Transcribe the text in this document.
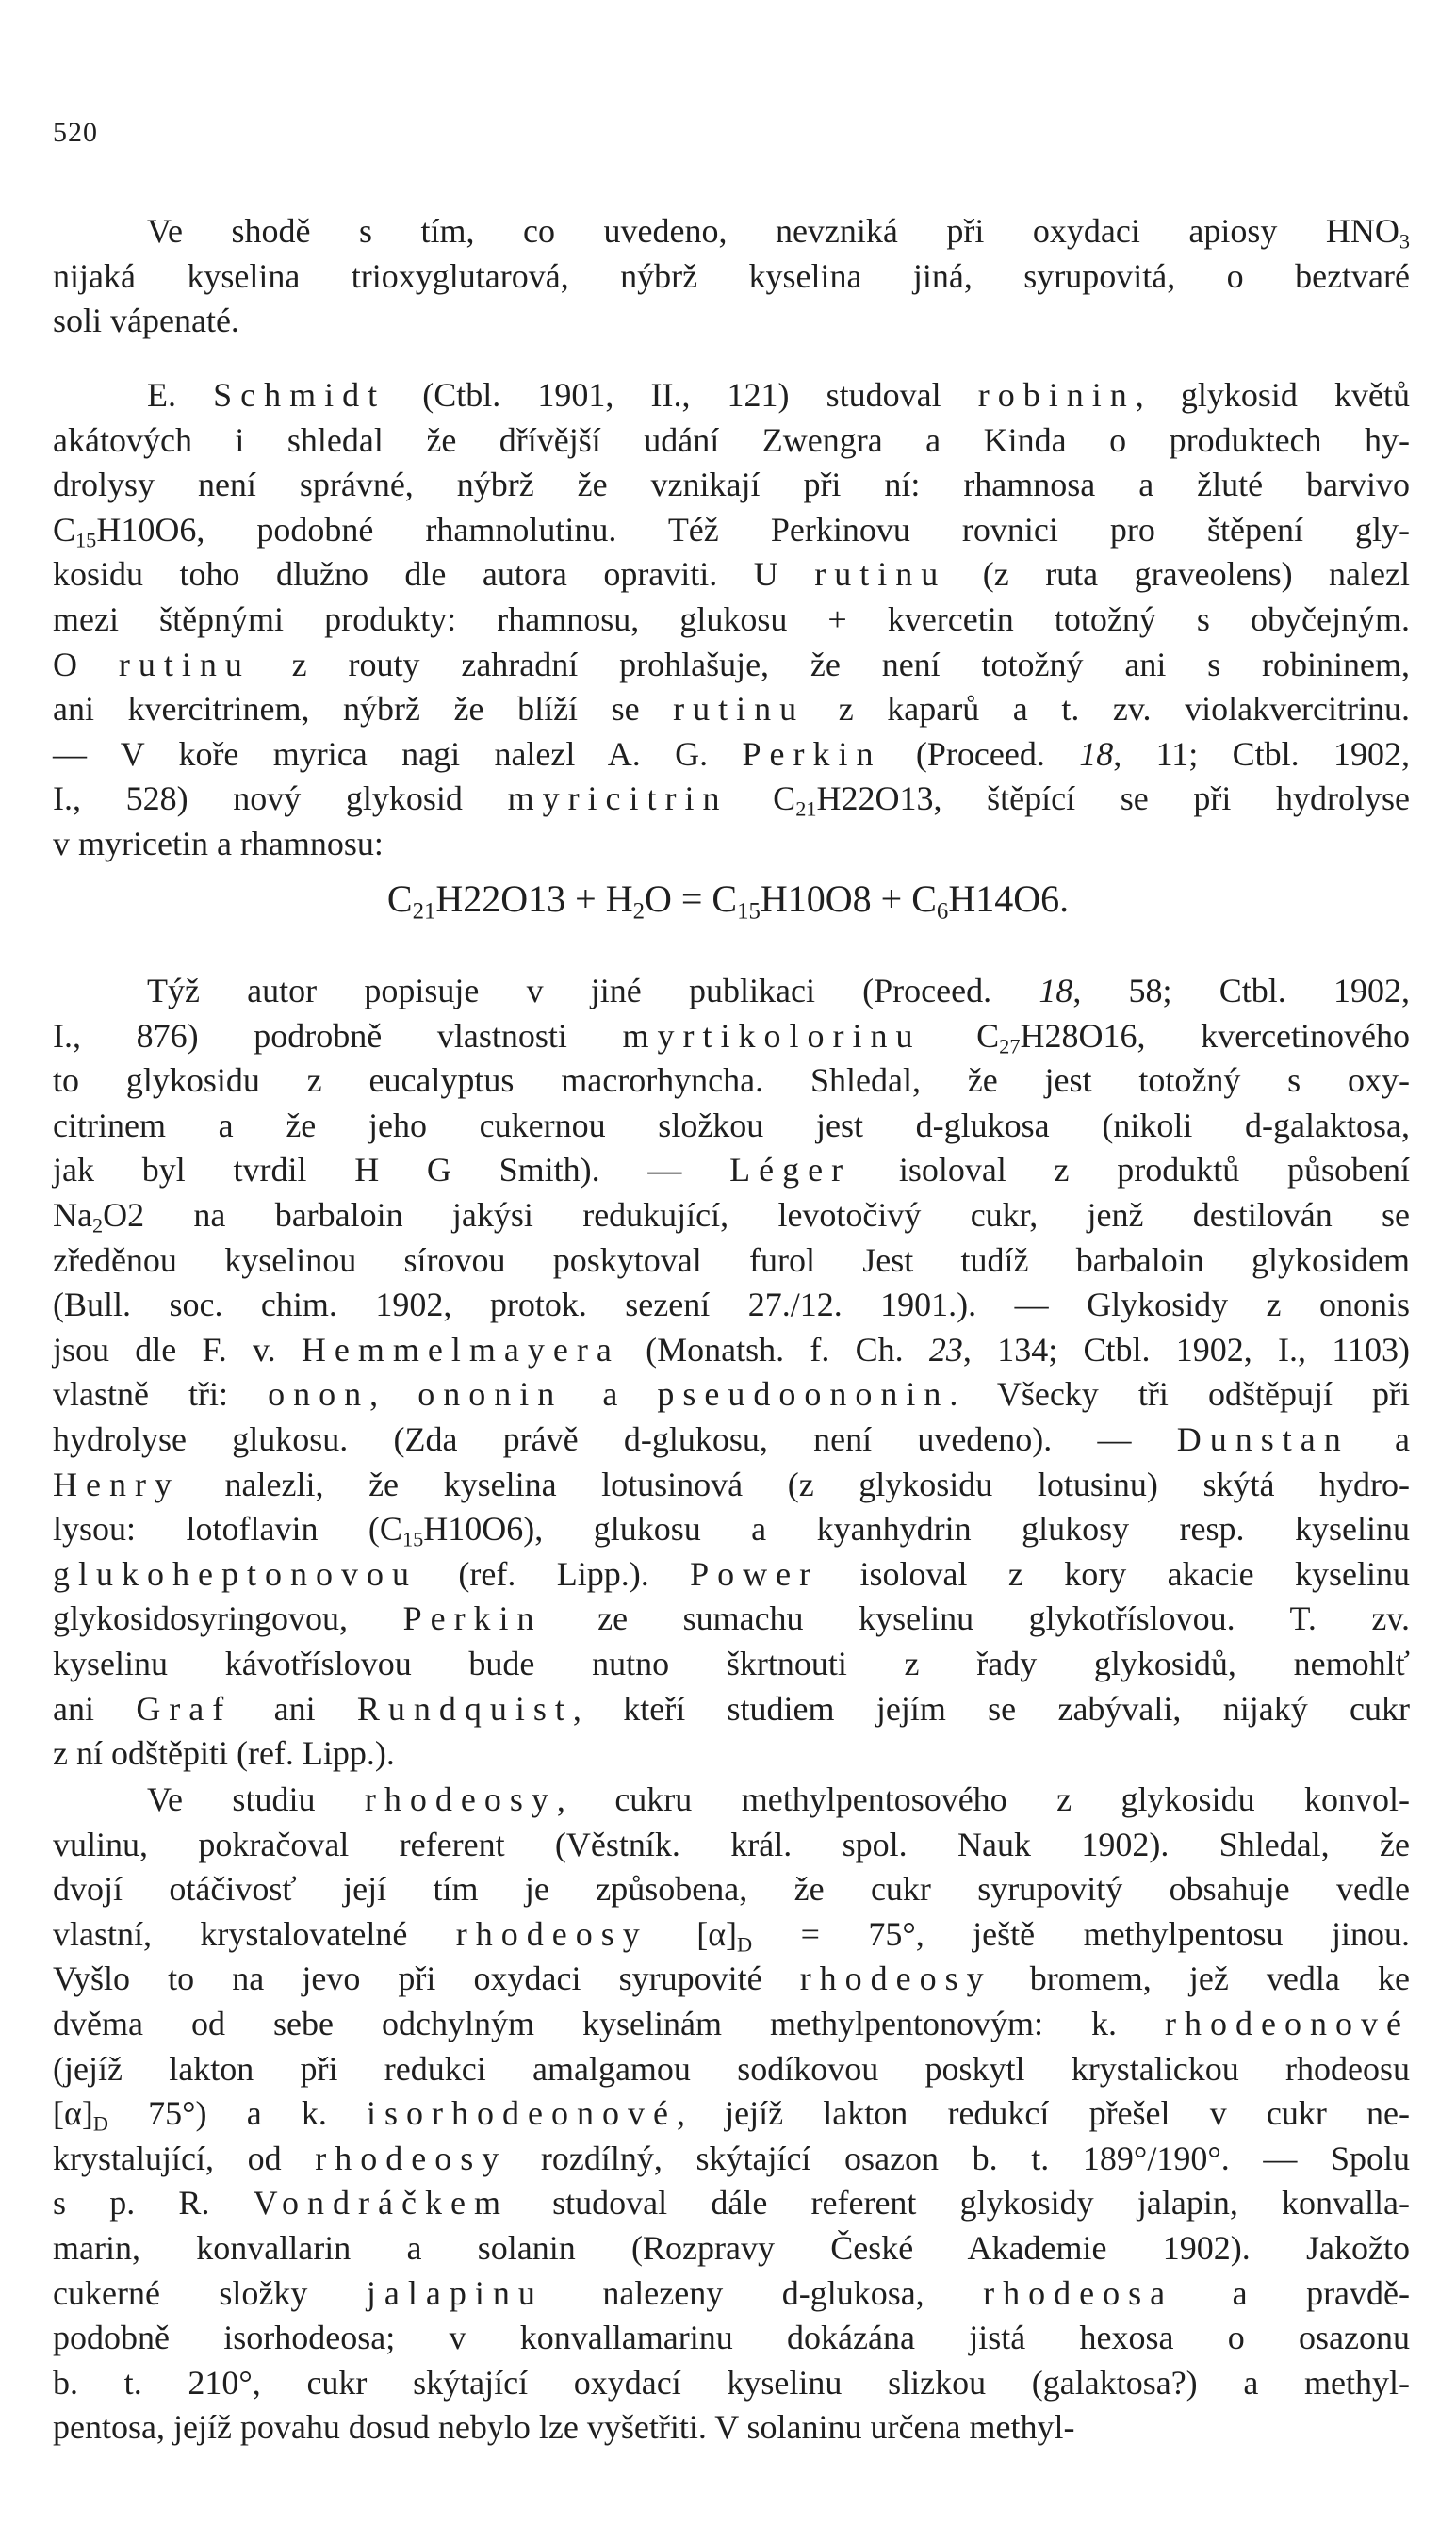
520
Ve shodě s tím, co uvedeno, nevzniká při oxydaci apiosy $HNO_3$
nijaká kyselina trioxyglutarová, nýbrž kyselina jiná, syrupovitá, o beztvaré
soli vápenaté.
E. Schmidt (Ctbl. 1901, II., 121) studoval robinin, glykosid květů
akátových i shledal že dřívější udání Zwengra a Kinda o produktech hy-
drolysy není správné, nýbrž že vznikají při ní: rhamnosa a žluté barvivo
$C_{15}H10O6$, podobné rhamnolutinu. Též Perkinovu rovnici pro štěpení gly-
kosidu toho dlužno dle autora opraviti. U rutinu (z ruta graveolens) nalezl
mezi štěpnými produkty: rhamnosu, glukosu + kvercetin totožný s obyčejným.
O rutinu z routy zahradní prohlašuje, že není totožný ani s robininem,
ani kvercitrinem, nýbrž že blíží se rutinu z kaparů a t. zv. violakvercitrinu.
— V kořе myrica nagi nalezl A. G. Perkin (Proceed. 18, 11; Ctbl. 1902,
I., 528) nový glykosid myricitrin $C_{21}H22O13$, štěpící se při hydrolyse
v myricetin a rhamnosu:
$C_{21}H22O13 + H_2O = C_{15}H10O8 + C_6H14O6$.
Týž autor popisuje v jiné publikaci (Proceed. 18, 58; Ctbl. 1902,
I., 876) podrobně vlastnosti myrtikolorinu $C_{27}H28O16$, kvercetinového
to glykosidu z eucalyptus macrorhyncha. Shledal, že jest totožný s oxy-
citrinem a že jeho cukernou složkou jest d-glukosa (nikoli d-galaktosa,
jak byl tvrdil H G Smith). — Léger isoloval z produktů působení
$Na_2O2$ na barbaloin jakýsi redukující, levotočivý cukr, jenž destilován se
zředěnou kyselinou sírovou poskytoval furol Jest tudíž barbaloin glykosidem
(Bull. soc. chim. 1902, protok. sezení 27./12. 1901.). — Glykosidy z ononis
jsou dle F. v. Hemmelmayera (Monatsh. f. Ch. 23, 134; Ctbl. 1902, I., 1103)
vlastně tři: onon, ononin a pseudoononin. Všecky tři odštěpují při
hydrolyse glukosu. (Zda právě d-glukosu, není uvedeno). — Dunstan a
Henry nalezli, že kyselina lotusinová (z glykosidu lotusinu) skýtá hydro-
lysou: lotoflavin $(C_{15}H10O6)$, glukosu a kyanhydrin glukosy resp. kyselinu
glukoheptonovou (ref. Lipp.). Power isoloval z kory akacie kyselinu
glykosidosyringovou, Perkin ze sumachu kyselinu glykotříslovou. T. zv.
kyselinu kávotříslovou bude nutno škrtnouti z řady glykosidů, nemohlť
ani Graf ani Rundquist, kteří studiem jejím se zabývali, nijaký cukr
z ní odštěpiti (ref. Lipp.).
Ve studiu rhodeosy, cukru methylpentosového z glykosidu konvol-
vulinu, pokračoval referent (Věstník. král. spol. Nauk 1902). Shledal, že
dvojí otáčivosť její tím je způsobena, že cukr syrupovitý obsahuje vedle
vlastní, krystalovatelné rhodeosy $[\alpha]_D = 75^\circ$, ještě methylpentosu jinou.
Vyšlo to na jevo při oxydaci syrupovité rhodeosy bromem, jež vedla ke
dvěma od sebe odchylným kyselinám methylpentonovým: k. rhodeonové
(jejíž lakton při redukci amalgamou sodíkovou poskytl krystalickou rhodeosu
$[\alpha]_D$ 75°) a k. isorhodeonové, jejíž lakton redukcí přešel v cukr ne-
krystalující, od rhodeosy rozdílný, skýtající osazon b. t. 189°/190°. — Spolu
s p. R. Vondráčkem studoval dále referent glykosidy jalapin, konvalla-
marin, konvallarin a solanin (Rozpravy České Akademie 1902). Jakožto
cukerné složky jalapinu nalezeny d-glukosa, rhodeosa a pravdě-
podobně isorhodeosa; v konvallamarinu dokázána jistá hexosa o osazonu
b. t. 210°, cukr skýtající oxydací kyselinu slizkou (galaktosa?) a methyl-
pentosa, jejíž povahu dosud nebylo lze vyšetřiti. V solaninu určena methyl-
